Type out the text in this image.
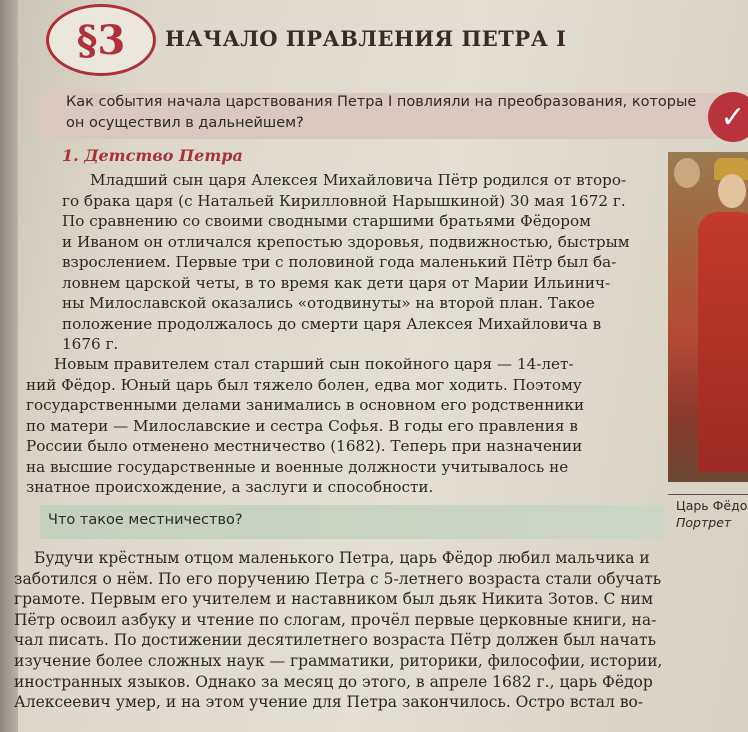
§3	НАЧАЛО ПРАВЛЕНИЯ ПЕТРА I
Как события начала царствования Петра I повлияли на преобразования, которые
он осуществил в дальнейшем?	✓
1. Детство Петра
Младший сын царя Алексея Михайловича Пётр родился от второ-
го брака царя (с Натальей Кирилловной Нарышкиной) 30 мая 1672 г.
По сравнению со своими сводными старшими братьями Фёдором
и Иваном он отличался крепостью здоровья, подвижностью, быстрым
взрослением. Первые три с половиной года маленький Пётр был ба-
ловнем царской четы, в то время как дети царя от Марии Ильинич-
ны Милославской оказались «отодвинуты» на второй план. Такое
положение продолжалось до смерти царя Алексея Михайловича в
1676 г.
Новым правителем стал старший сын покойного царя — 14-лет-
ний Фёдор. Юный царь был тяжело болен, едва мог ходить. Поэтому
государственными делами занимались в основном его родственники
по матери — Милославские и сестра Софья. В годы его правления в
России было отменено местничество (1682). Теперь при назначении
на высшие государственные и военные должности учитывалось не
знатное происхождение, а заслуги и способности.
Царь Фёдо
Портрет
Что такое местничество?
Будучи крёстным отцом маленького Петра, царь Фёдор любил мальчика и
заботился о нём. По его поручению Петра с 5-летнего возраста стали обучать
грамоте. Первым его учителем и наставником был дьяк Никита Зотов. С ним
Пётр освоил азбуку и чтение по слогам, прочёл первые церковные книги, на-
чал писать. По достижении десятилетнего возраста Пётр должен был начать
изучение более сложных наук — грамматики, риторики, философии, истории,
иностранных языков. Однако за месяц до этого, в апреле 1682 г., царь Фёдор
Алексеевич умер, и на этом учение для Петра закончилось. Остро встал во-
